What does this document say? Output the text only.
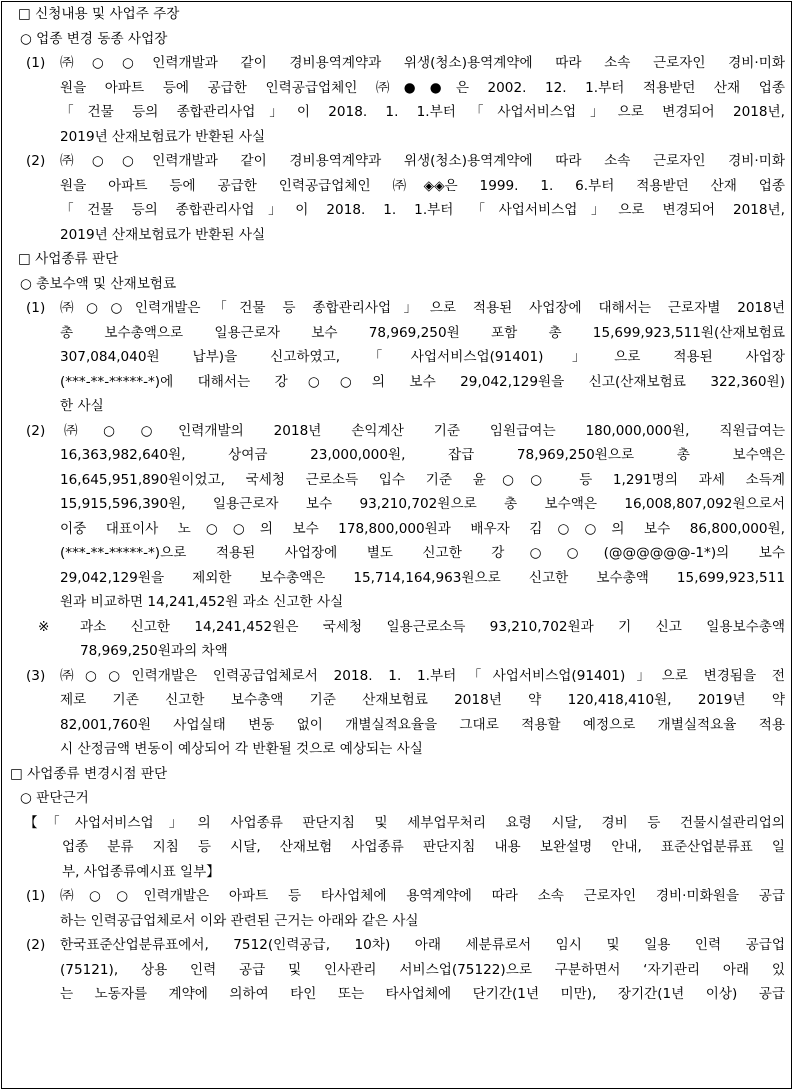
□ 신청내용 및 사업주 주장
○ 업종 변경 동종 사업장
(1)	㈜○○인력개발과 같이 경비용역계약과 위생(청소)용역계약에 따라 소속 근로자인 경비·미화
원을 아파트 등에 공급한 인력공급업체인 ㈜●●은 2002. 12. 1.부터 적용받던 산재 업종
「건물 등의 종합관리사업」이 2018. 1. 1.부터「사업서비스업」으로 변경되어 2018년,
2019년 산재보험료가 반환된 사실
(2)	㈜○○인력개발과 같이 경비용역계약과 위생(청소)용역계약에 따라 소속 근로자인 경비·미화
원을 아파트 등에 공급한 인력공급업체인 ㈜◈◈은 1999. 1. 6.부터 적용받던 산재 업종
「건물 등의 종합관리사업」이 2018. 1. 1.부터 「사업서비스업」으로 변경되어 2018년,
2019년 산재보험료가 반환된 사실
□ 사업종류 판단
○ 총보수액 및 산재보험료
(1)	㈜○○인력개발은「건물 등 종합관리사업」으로 적용된 사업장에 대해서는 근로자별 2018년
총 보수총액으로 일용근로자 보수 78,969,250원 포함 총 15,699,923,511원(산재보험료
307,084,040원 납부)을 신고하였고,「사업서비스업(91401)」으로 적용된 사업장
(***-**-*****-*)에 대해서는 강○○의 보수 29,042,129원을 신고(산재보험료 322,360원)
한 사실
(2)	㈜○○인력개발의 2018년 손익계산 기준 임원급여는 180,000,000원, 직원급여는
16,363,982,640원, 상여금 23,000,000원, 잡급 78,969,250원으로 총 보수액은
16,645,951,890원이었고, 국세청 근로소득 입수 기준 윤○○ 등 1,291명의 과세 소득계
15,915,596,390원, 일용근로자 보수 93,210,702원으로 총 보수액은 16,008,807,092원으로서
이중 대표이사 노○○의 보수 178,800,000원과 배우자 김○○의 보수 86,800,000원,
(***-**-*****-*)으로 적용된 사업장에 별도 신고한 강○○(@@@@@@-1*)의 보수
29,042,129원을 제외한 보수총액은 15,714,164,963원으로 신고한 보수총액 15,699,923,511
원과 비교하면 14,241,452원 과소 신고한 사실
※	과소 신고한 14,241,452원은 국세청 일용근로소득 93,210,702원과 기 신고 일용보수총액
78,969,250원과의 차액
(3)	㈜○○인력개발은 인력공급업체로서 2018. 1. 1.부터「사업서비스업(91401)」으로 변경됨을 전
제로 기존 신고한 보수총액 기준 산재보험료 2018년 약 120,418,410원, 2019년 약
82,001,760원 사업실태 변동 없이 개별실적요율을 그대로 적용할 예정으로 개별실적요율 적용
시 산정금액 변동이 예상되어 각 반환될 것으로 예상되는 사실
□ 사업종류 변경시점 판단
○ 판단근거
【「사업서비스업」의 사업종류 판단지침 및 세부업무처리 요령 시달, 경비 등 건물시설관리업의
업종 분류 지침 등 시달, 산재보험 사업종류 판단지침 내용 보완설명 안내, 표준산업분류표 일
부, 사업종류예시표 일부】
(1)	㈜○○인력개발은 아파트 등 타사업체에 용역계약에 따라 소속 근로자인 경비·미화원을 공급
하는 인력공급업체로서 이와 관련된 근거는 아래와 같은 사실
(2)	한국표준산업분류표에서, 7512(인력공급, 10차) 아래 세분류로서 임시 및 일용 인력 공급업
(75121), 상용 인력 공급 및 인사관리 서비스업(75122)으로 구분하면서 ‘자기관리 아래 있
는 노동자를 계약에 의하여 타인 또는 타사업체에 단기간(1년 미만), 장기간(1년 이상) 공급
